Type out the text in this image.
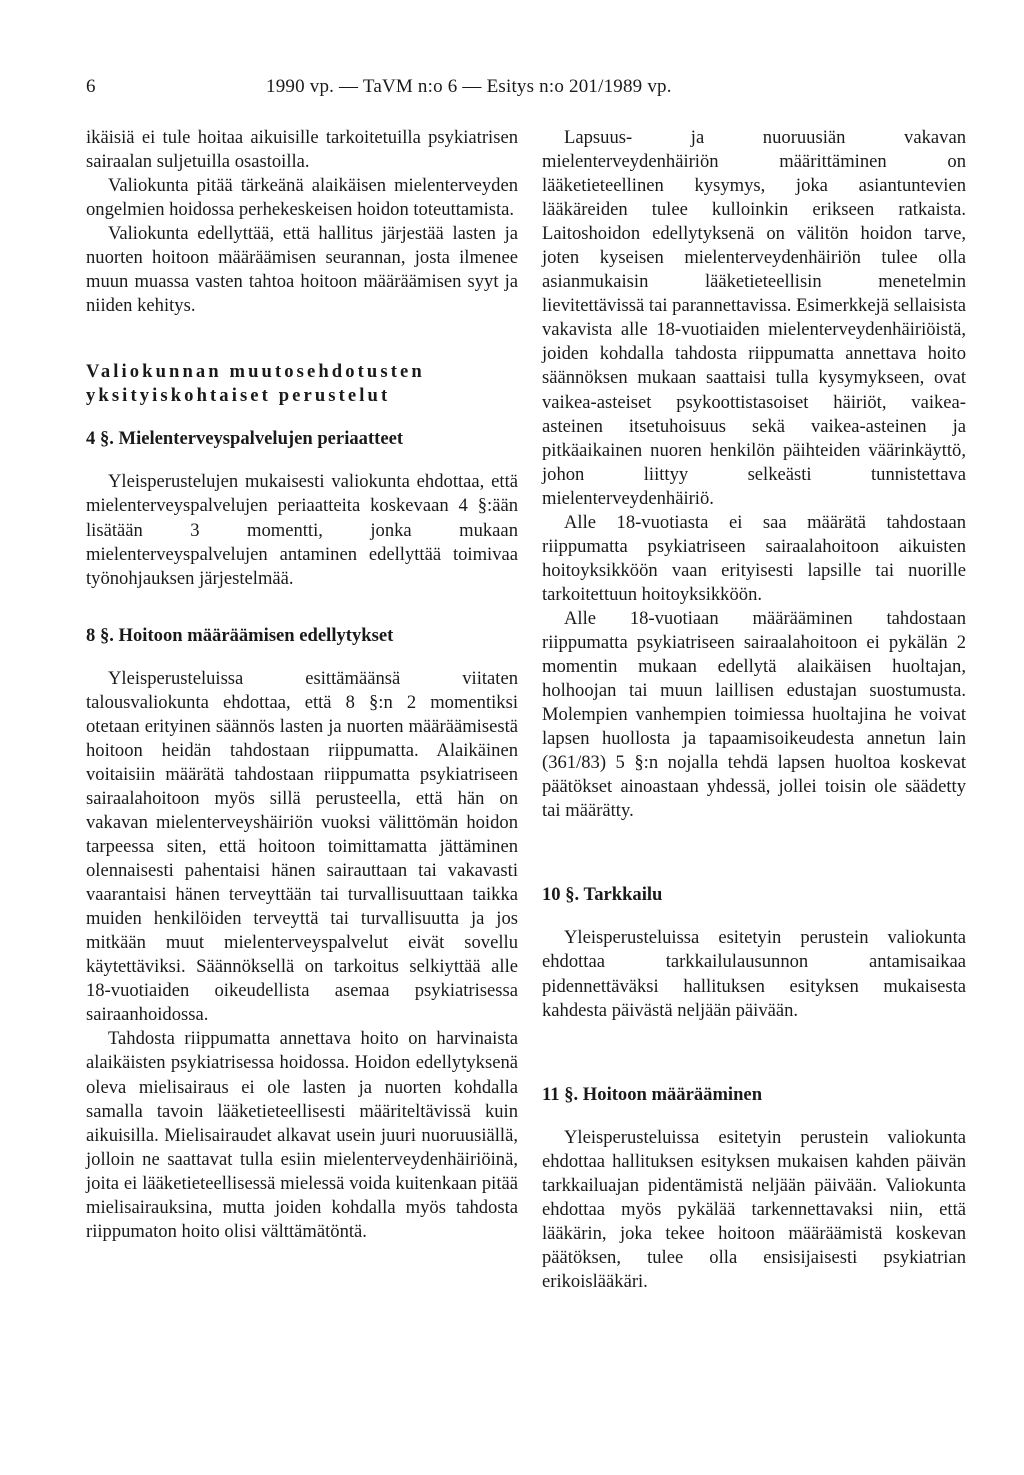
6	1990 vp. — TaVM n:o 6 — Esitys n:o 201/1989 vp.

ikäisiä ei tule hoitaa aikuisille tarkoitetuilla psykiatrisen sairaalan suljetuilla osastoilla.

Valiokunta pitää tärkeänä alaikäisen mielenterveyden ongelmien hoidossa perhekeskeisen hoidon toteuttamista.

Valiokunta edellyttää, että hallitus järjestää lasten ja nuorten hoitoon määräämisen seurannan, josta ilmenee muun muassa vasten tahtoa hoitoon määräämisen syyt ja niiden kehitys.

Valiokunnan muutosehdotusten
yksityiskohtaiset perustelut
4 §. Mielenterveyspalvelujen periaatteet

Yleisperustelujen mukaisesti valiokunta ehdottaa, että mielenterveyspalvelujen periaatteita koskevaan 4 §:ään lisätään 3 momentti, jonka mukaan mielenterveyspalvelujen antaminen edellyttää toimivaa työnohjauksen järjestelmää.

8 §. Hoitoon määräämisen edellytykset

Yleisperusteluissa esittämäänsä viitaten talousvaliokunta ehdottaa, että 8 §:n 2 momentiksi otetaan erityinen säännös lasten ja nuorten määräämisestä hoitoon heidän tahdostaan riippumatta. Alaikäinen voitaisiin määrätä tahdostaan riippumatta psykiatriseen sairaalahoitoon myös sillä perusteella, että hän on vakavan mielenterveyshäiriön vuoksi välittömän hoidon tarpeessa siten, että hoitoon toimittamatta jättäminen olennaisesti pahentaisi hänen sairauttaan tai vakavasti vaarantaisi hänen terveyttään tai turvallisuuttaan taikka muiden henkilöiden terveyttä tai turvallisuutta ja jos mitkään muut mielenterveyspalvelut eivät sovellu käytettäviksi. Säännöksellä on tarkoitus selkiyttää alle 18-vuotiaiden oikeudellista asemaa psykiatrisessa sairaanhoidossa.

Tahdosta riippumatta annettava hoito on harvinaista alaikäisten psykiatrisessa hoidossa. Hoidon edellytyksenä oleva mielisairaus ei ole lasten ja nuorten kohdalla samalla tavoin lääketieteellisesti määriteltävissä kuin aikuisilla. Mielisairaudet alkavat usein juuri nuoruusiällä, jolloin ne saattavat tulla esiin mielenterveydenhäiriöinä, joita ei lääketieteellisessä mielessä voida kuitenkaan pitää mielisairauksina, mutta joiden kohdalla myös tahdosta riippumaton hoito olisi välttämätöntä.

Lapsuus- ja nuoruusiän vakavan mielenterveydenhäiriön määrittäminen on lääketieteellinen kysymys, joka asiantuntevien lääkäreiden tulee kulloinkin erikseen ratkaista. Laitoshoidon edellytyksenä on välitön hoidon tarve, joten kyseisen mielenterveydenhäiriön tulee olla asianmukaisin lääketieteellisin menetelmin lievitettävissä tai parannettavissa. Esimerkkejä sellaisista vakavista alle 18-vuotiaiden mielenterveydenhäiriöistä, joiden kohdalla tahdosta riippumatta annettava hoito säännöksen mukaan saattaisi tulla kysymykseen, ovat vaikea-asteiset psykoottistasoiset häiriöt, vaikea-asteinen itsetuhoisuus sekä vaikea-asteinen ja pitkäaikainen nuoren henkilön päihteiden väärinkäyttö, johon liittyy selkeästi tunnistettava mielenterveydenhäiriö.

Alle 18-vuotiasta ei saa määrätä tahdostaan riippumatta psykiatriseen sairaalahoitoon aikuisten hoitoyksikköön vaan erityisesti lapsille tai nuorille tarkoitettuun hoitoyksikköön.

Alle 18-vuotiaan määrääminen tahdostaan riippumatta psykiatriseen sairaalahoitoon ei pykälän 2 momentin mukaan edellytä alaikäisen huoltajan, holhoojan tai muun laillisen edustajan suostumusta. Molempien vanhempien toimiessa huoltajina he voivat lapsen huollosta ja tapaamisoikeudesta annetun lain (361/83) 5 §:n nojalla tehdä lapsen huoltoa koskevat päätökset ainoastaan yhdessä, jollei toisin ole säädetty tai määrätty.

10 §. Tarkkailu

Yleisperusteluissa esitetyin perustein valiokunta ehdottaa tarkkailulausunnon antamisaikaa pidennettäväksi hallituksen esityksen mukaisesta kahdesta päivästä neljään päivään.

11 §. Hoitoon määrääminen

Yleisperusteluissa esitetyin perustein valiokunta ehdottaa hallituksen esityksen mukaisen kahden päivän tarkkailuajan pidentämistä neljään päivään. Valiokunta ehdottaa myös pykälää tarkennettavaksi niin, että lääkärin, joka tekee hoitoon määräämistä koskevan päätöksen, tulee olla ensisijaisesti psykiatrian erikoislääkäri.
